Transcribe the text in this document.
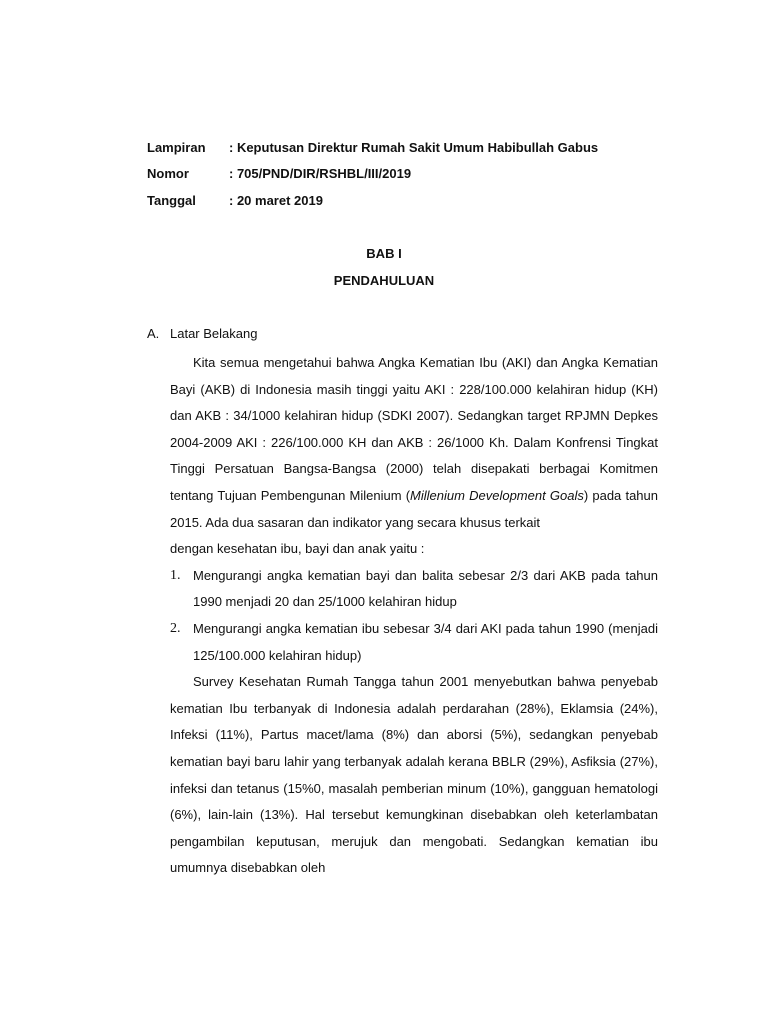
Lampiran : Keputusan Direktur Rumah Sakit Umum Habibullah Gabus
Nomor	: 705/PND/DIR/RSHBL/III/2019
Tanggal	: 20 maret 2019
BAB I
PENDAHULUAN
A. Latar Belakang

Kita semua mengetahui bahwa Angka Kematian Ibu (AKI) dan Angka Kematian Bayi (AKB) di Indonesia masih tinggi yaitu AKI : 228/100.000 kelahiran hidup (KH) dan AKB : 34/1000 kelahiran hidup (SDKI 2007). Sedangkan target RPJMN Depkes 2004-2009 AKI : 226/100.000 KH dan AKB : 26/1000 Kh. Dalam Konfrensi Tingkat Tinggi Persatuan Bangsa-Bangsa (2000) telah disepakati berbagai Komitmen tentang Tujuan Pembengunan Milenium (Millenium Development Goals) pada tahun 2015. Ada dua sasaran dan indikator yang secara khusus terkait

dengan kesehatan ibu, bayi dan anak yaitu :

1. Mengurangi angka kematian bayi dan balita sebesar 2/3 dari AKB pada tahun 1990 menjadi 20 dan 25/1000 kelahiran hidup

2. Mengurangi angka kematian ibu sebesar 3/4 dari AKI pada tahun 1990 (menjadi 125/100.000 kelahiran hidup)

Survey Kesehatan Rumah Tangga tahun 2001 menyebutkan bahwa penyebab kematian Ibu terbanyak di Indonesia adalah perdarahan (28%), Eklamsia (24%), Infeksi (11%), Partus macet/lama (8%) dan aborsi (5%), sedangkan penyebab kematian bayi baru lahir yang terbanyak adalah kerana BBLR (29%), Asfiksia (27%), infeksi dan tetanus (15%0, masalah pemberian minum (10%), gangguan hematologi (6%), lain-lain (13%). Hal tersebut kemungkinan disebabkan oleh keterlambatan pengambilan keputusan, merujuk dan mengobati. Sedangkan kematian ibu umumnya disebabkan oleh
